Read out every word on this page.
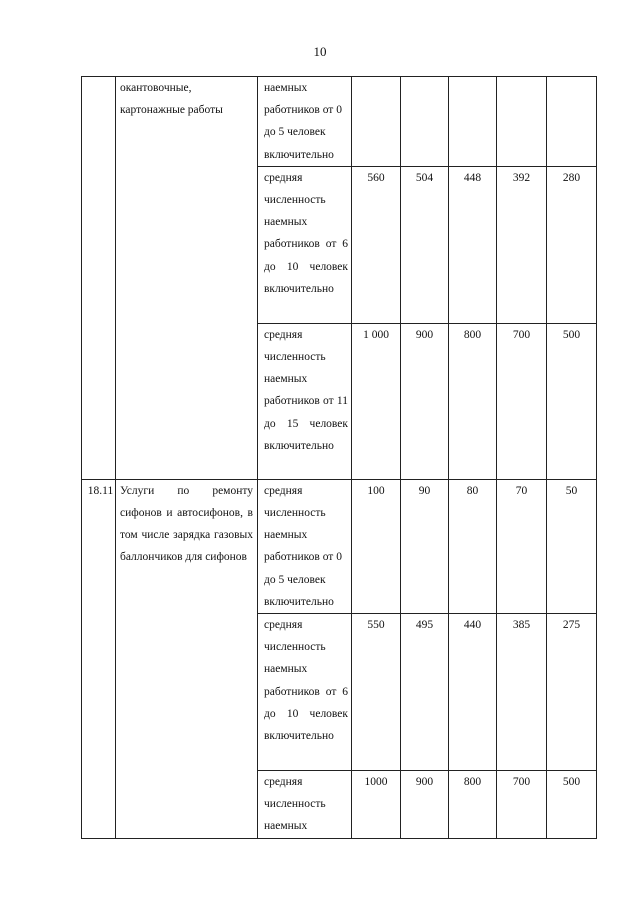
10

	окантовочные, картонажные работы	наемных работников от 0 до 5 человек включительно					

		средняя численность наемных работников от 6 до 10 человек включительно	560	504	448	392	280

		средняя численность наемных работников от 11 до 15 человек включительно	1 000	900	800	700	500

18.11	Услуги по ремонту сифонов и автосифонов, в том числе зарядка газовых баллончиков для сифонов	средняя численность наемных работников от 0 до 5 человек включительно	100	90	80	70	50

		средняя численность наемных работников от 6 до 10 человек включительно	550	495	440	385	275

		средняя численность наемных	1000	900	800	700	500
